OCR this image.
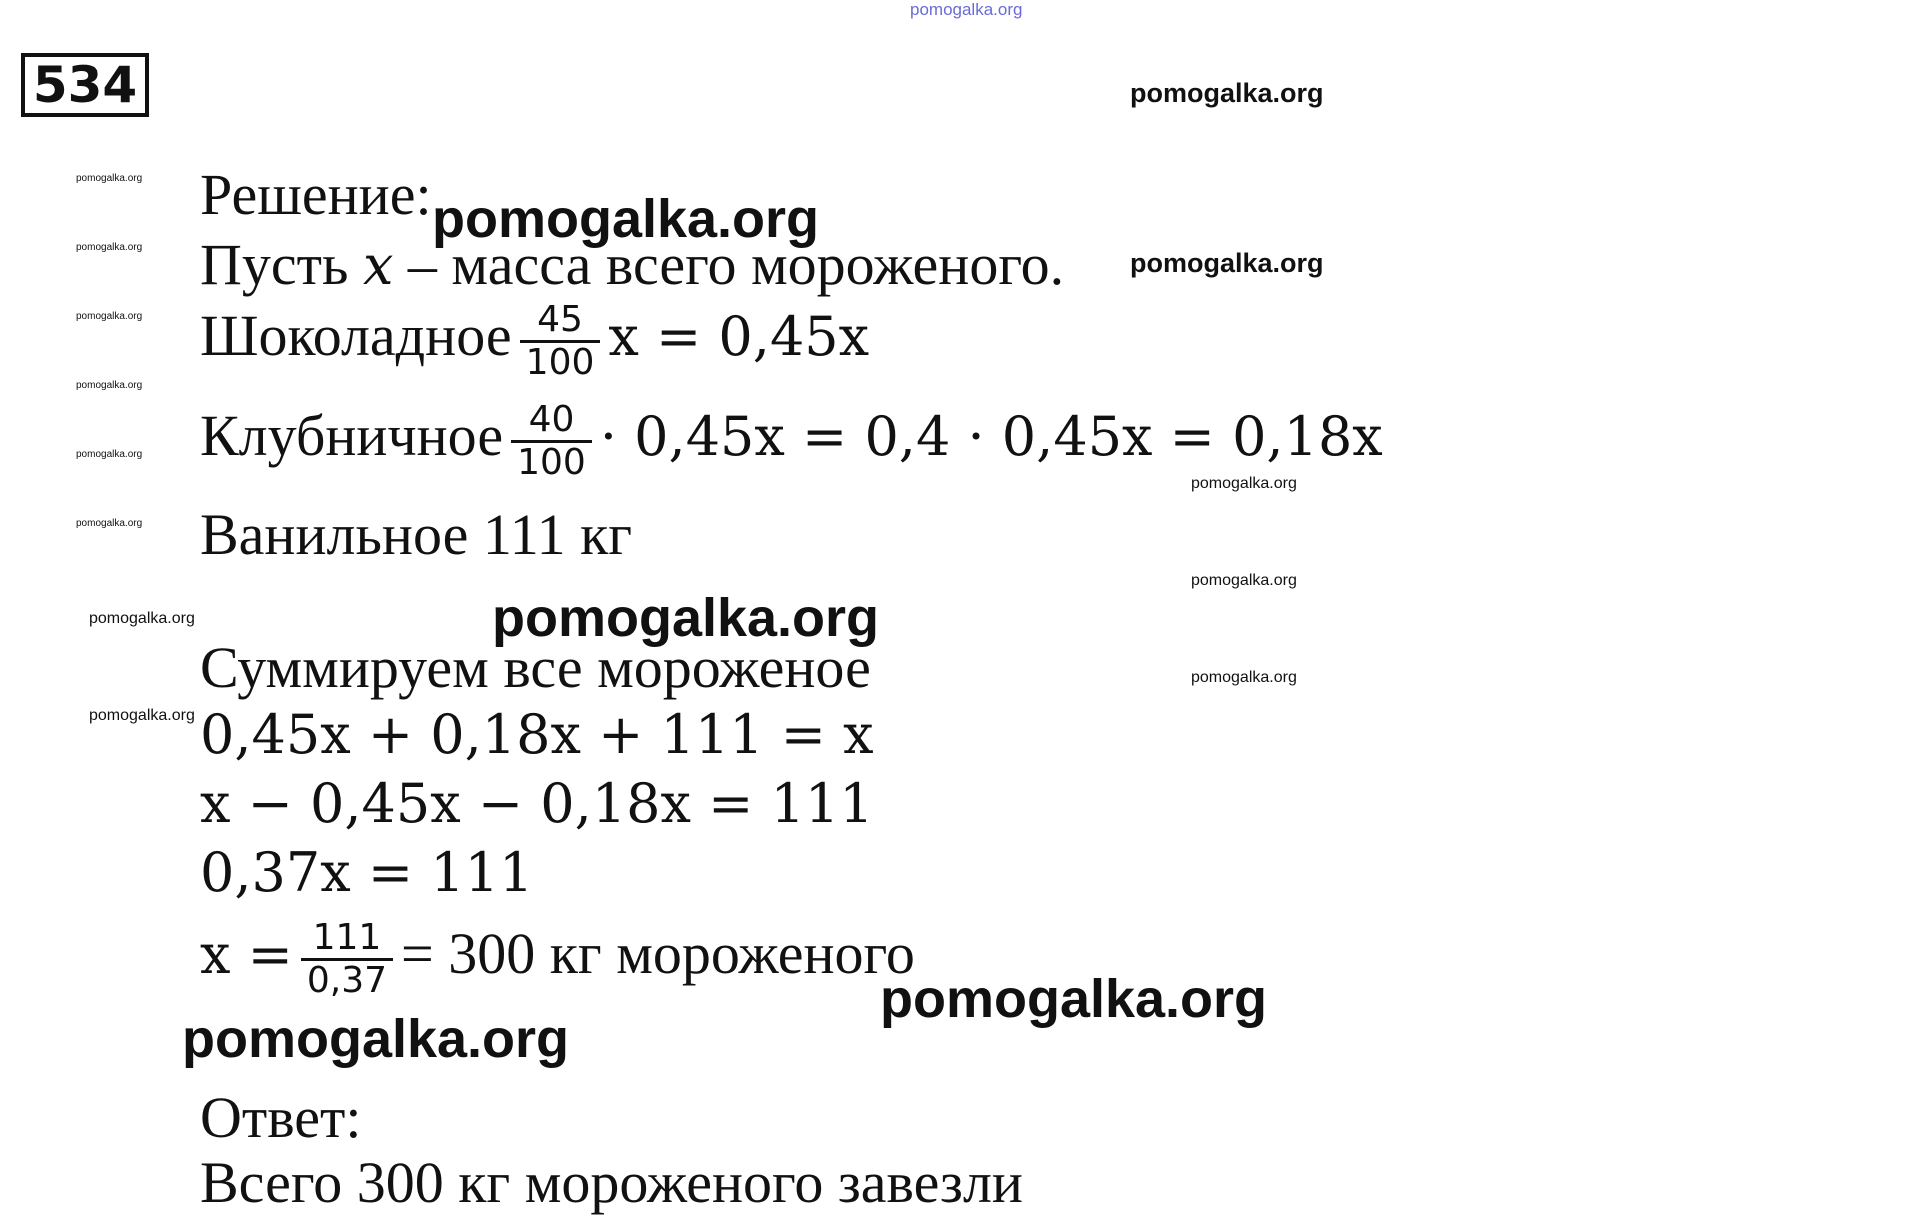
pomogalka.org
534
pomogalka.org
pomogalka.org
pomogalka.org
pomogalka.org
pomogalka.org
pomogalka.org
Решение:
Пусть x – масса всего мороженого.
Шоколадное $\frac{45}{100}$ x = 0,45x
Клубничное $\frac{40}{100} \cdot 0,45x = 0,4 \cdot 0,45x = 0,18x$
Ванильное 111 кг
Суммируем все мороженое
0,45x + 0,18x + 111 = x
x − 0,45x − 0,18x = 111
0,37x = 111
$x = \frac{111}{0,37} = 300$ кг мороженого
Ответ:
Всего 300 кг мороженого завезли
pomogalka.org
pomogalka.org
pomogalka.org
pomogalka.org
pomogalka.org
pomogalka.org
pomogalka.org
pomogalka.org
pomogalka.org
pomogalka.org
pomogalka.org
